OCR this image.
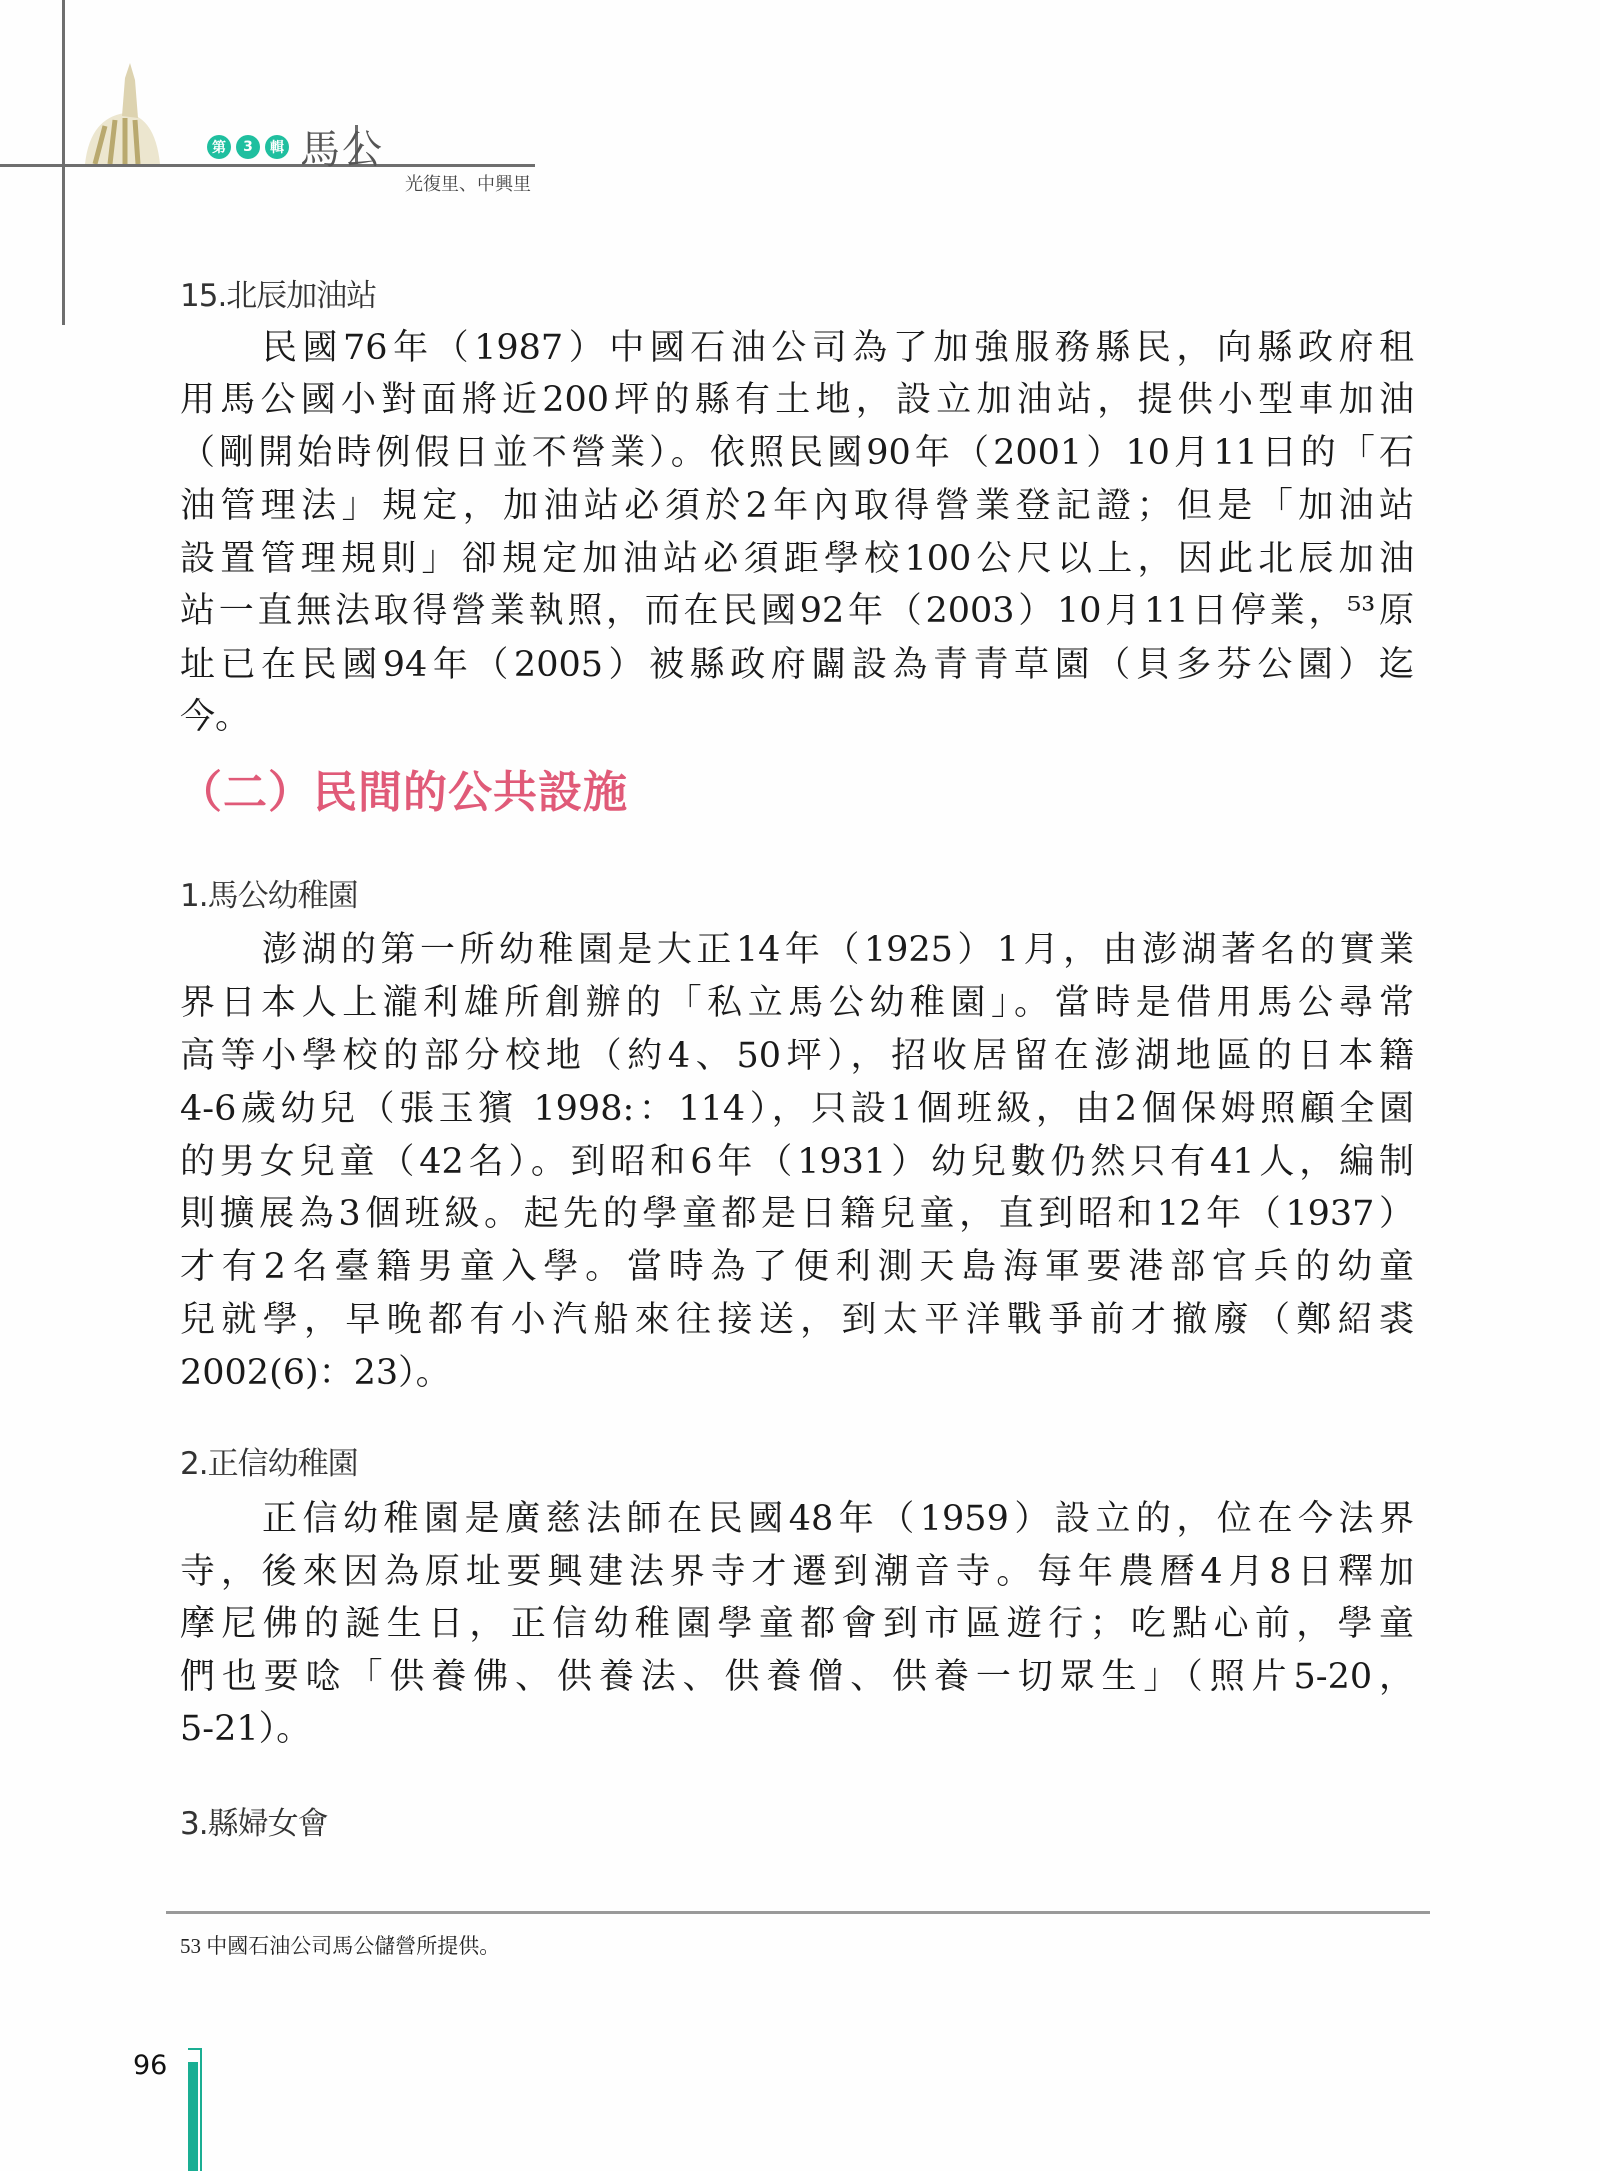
第	3	輯 馬公
光復里、中興里
15.北辰加油站
民國76年（1987）中國石油公司為了加強服務縣民，向縣政府租
用馬公國小對面將近200坪的縣有土地，設立加油站，提供小型車加油
（剛開始時例假日並不營業）。依照民國90年（2001）10月11日的「石
油管理法」規定，加油站必須於2年內取得營業登記證；但是「加油站
設置管理規則」卻規定加油站必須距學校100公尺以上，因此北辰加油
站一直無法取得營業執照，而在民國92年（2003）10月11日停業，⁵³原
址已在民國94年（2005）被縣政府闢設為青青草園（貝多芬公園）迄
今。
（二）民間的公共設施
1.馬公幼稚園
澎湖的第一所幼稚園是大正14年（1925）1月，由澎湖著名的實業
界日本人上瀧利雄所創辦的「私立馬公幼稚園」。當時是借用馬公尋常
高等小學校的部分校地（約4、50坪），招收居留在澎湖地區的日本籍
4-6歲幼兒（張玉獱 1998:：114），只設1個班級，由2個保姆照顧全園
的男女兒童（42名）。到昭和6年（1931）幼兒數仍然只有41人，編制
則擴展為3個班級。起先的學童都是日籍兒童，直到昭和12年（1937）
才有2名臺籍男童入學。當時為了便利測天島海軍要港部官兵的幼童
兒就學，早晚都有小汽船來往接送，到太平洋戰爭前才撤廢（鄭紹裘
2002(6)：23）。
2.正信幼稚園
正信幼稚園是廣慈法師在民國48年（1959）設立的，位在今法界
寺，後來因為原址要興建法界寺才遷到潮音寺。每年農曆4月8日釋加
摩尼佛的誕生日，正信幼稚園學童都會到市區遊行；吃點心前，學童
們也要唸「供養佛、供養法、供養僧、供養一切眾生」（照片5-20，
5-21）。
3.縣婦女會
53 中國石油公司馬公儲營所提供。
96
